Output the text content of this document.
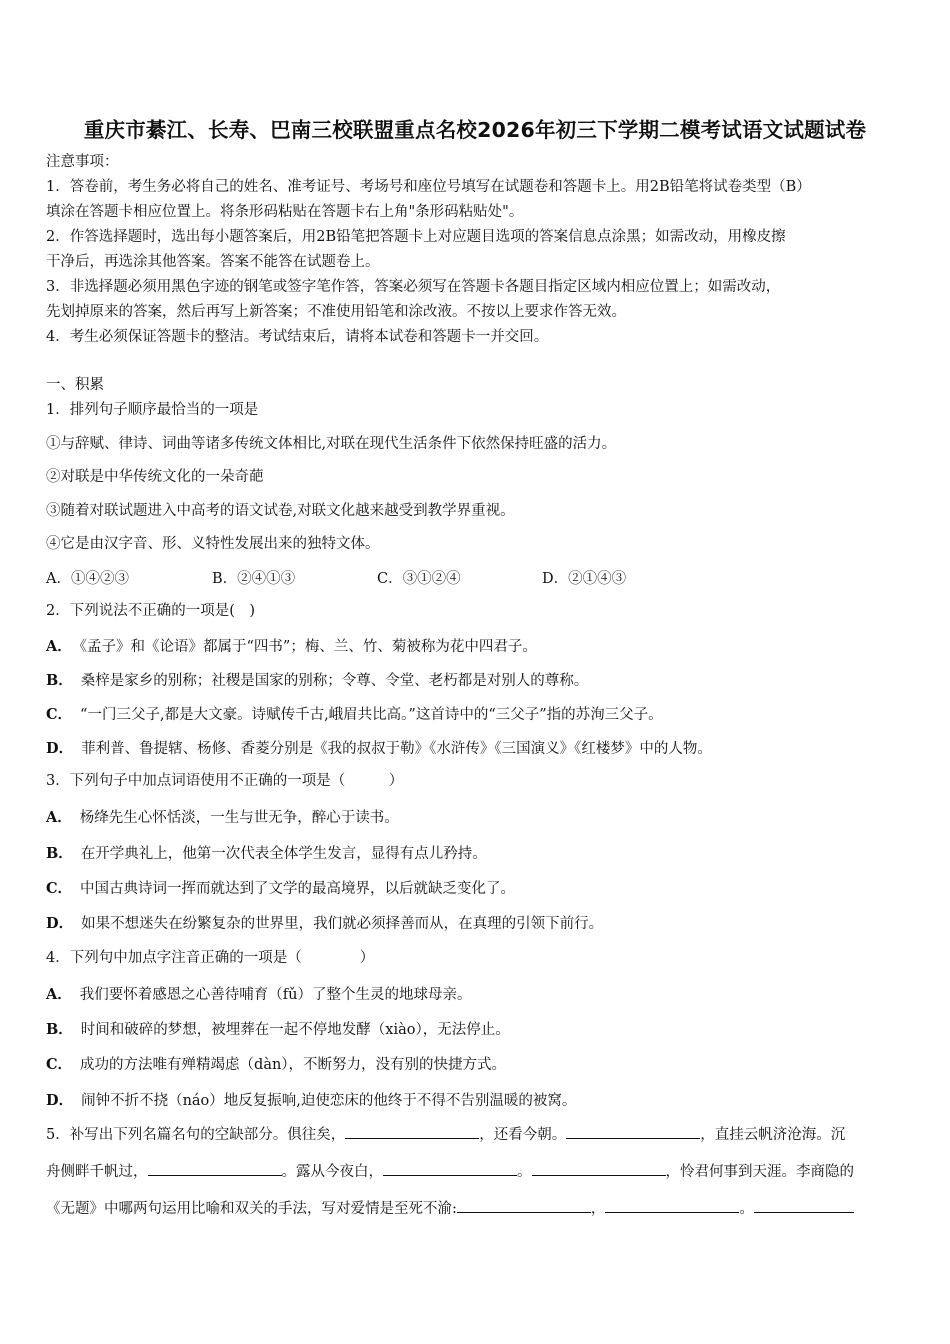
重庆市綦江、长寿、巴南三校联盟重点名校2026年初三下学期二模考试语文试题试卷

注意事项：

1．答卷前，考生务必将自己的姓名、准考证号、考场号和座位号填写在试题卷和答题卡上。用2B铅笔将试卷类型（B）

填涂在答题卡相应位置上。将条形码粘贴在答题卡右上角"条形码粘贴处"。

2．作答选择题时，选出每小题答案后，用2B铅笔把答题卡上对应题目选项的答案信息点涂黑；如需改动，用橡皮擦

干净后，再选涂其他答案。答案不能答在试题卷上。

3．非选择题必须用黑色字迹的钢笔或签字笔作答，答案必须写在答题卡各题目指定区域内相应位置上；如需改动，

先划掉原来的答案，然后再写上新答案；不准使用铅笔和涂改液。不按以上要求作答无效。

4．考生必须保证答题卡的整洁。考试结束后，请将本试卷和答题卡一并交回。

一、积累
1．排列句子顺序最恰当的一项是
①与辞赋、律诗、词曲等诸多传统文体相比,对联在现代生活条件下依然保持旺盛的活力。
②对联是中华传统文化的一朵奇葩
③随着对联试题进入中高考的语文试卷,对联文化越来越受到教学界重视。
④它是由汉字音、形、义特性发展出来的独特文体。
A．①④②③	B．②④①③	C．③①②④	D．②①④③
2．下列说法不正确的一项是(　)
A． 《孟子》和《论语》都属于“四书”；梅、兰、竹、菊被称为花中四君子。
B． 桑梓是家乡的别称；社稷是国家的别称；令尊、令堂、老朽都是对别人的尊称。
C． “一门三父子,都是大文豪。诗赋传千古,峨眉共比高。”这首诗中的“三父子”指的苏洵三父子。
D． 菲利普、鲁提辖、杨修、香菱分别是《我的叔叔于勒》《水浒传》《三国演义》《红楼梦》中的人物。
3．下列句子中加点词语使用不正确的一项是（　　　）
A． 杨绛先生心怀恬淡，一生与世无争，醉心于读书。
B． 在开学典礼上，他第一次代表全体学生发言，显得有点儿矜持。
C． 中国古典诗词一挥而就达到了文学的最高境界，以后就缺乏变化了。
D． 如果不想迷失在纷繁复杂的世界里，我们就必须择善而从，在真理的引领下前行。
4．下列句中加点字注音正确的一项是（　　　　）
A． 我们要怀着感恩之心善待哺育（fǔ）了整个生灵的地球母亲。
B． 时间和破碎的梦想，被埋葬在一起不停地发酵（xiào），无法停止。
C． 成功的方法唯有殚精竭虑（dàn），不断努力，没有别的快捷方式。
D． 闹钟不折不挠（náo）地反复振响,迫使恋床的他终于不得不告别温暖的被窝。

5．补写出下列名篇名句的空缺部分。俱往矣，	，还看今朝。	，直挂云帆济沧海。沉

舟侧畔千帆过，	。露从今夜白，	。	，怜君何事到天涯。李商隐的

《无题》中哪两句运用比喻和双关的手法，写对爱情是至死不渝:	，	。
